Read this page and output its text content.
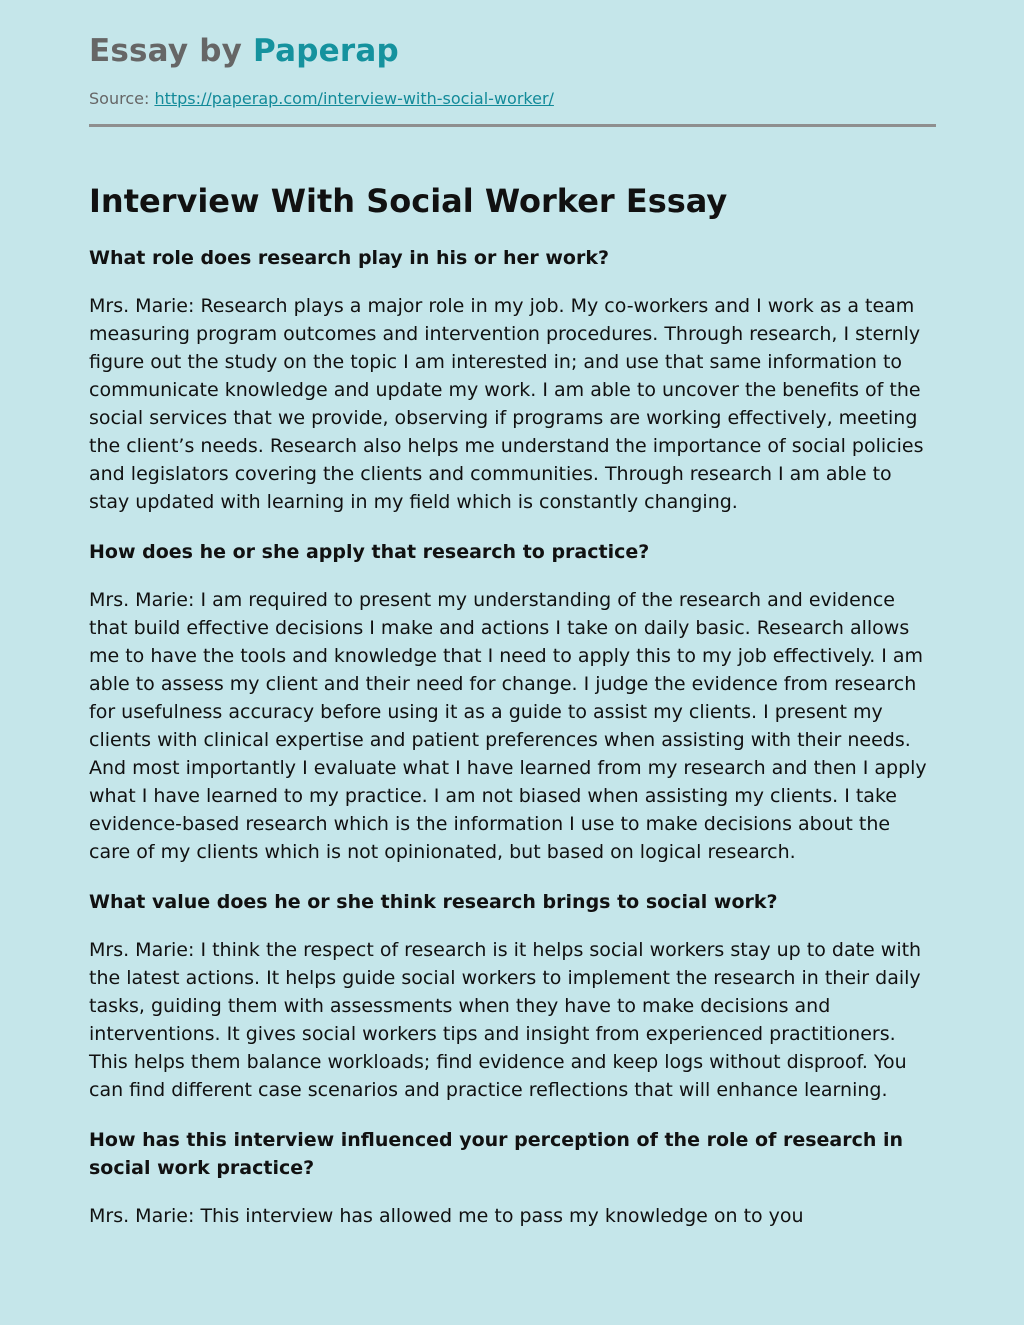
Essay by Paperap
Source: https://paperap.com/interview-with-social-worker/
Interview With Social Worker Essay

What role does research play in his or her work?

Mrs. Marie: Research plays a major role in my job. My co-workers and I work as a team measuring program outcomes and intervention procedures. Through research, I sternly figure out the study on the topic I am interested in; and use that same information to communicate knowledge and update my work. I am able to uncover the benefits of the social services that we provide, observing if programs are working effectively, meeting the client’s needs. Research also helps me understand the importance of social policies and legislators covering the clients and communities. Through research I am able to stay updated with learning in my field which is constantly changing.

How does he or she apply that research to practice?

Mrs. Marie: I am required to present my understanding of the research and evidence that build effective decisions I make and actions I take on daily basic. Research allows me to have the tools and knowledge that I need to apply this to my job effectively. I am able to assess my client and their need for change. I judge the evidence from research for usefulness accuracy before using it as a guide to assist my clients. I present my clients with clinical expertise and patient preferences when assisting with their needs. And most importantly I evaluate what I have learned from my research and then I apply what I have learned to my practice. I am not biased when assisting my clients. I take evidence-based research which is the information I use to make decisions about the care of my clients which is not opinionated, but based on logical research.

What value does he or she think research brings to social work?

Mrs. Marie: I think the respect of research is it helps social workers stay up to date with the latest actions. It helps guide social workers to implement the research in their daily tasks, guiding them with assessments when they have to make decisions and interventions. It gives social workers tips and insight from experienced practitioners. This helps them balance workloads; find evidence and keep logs without disproof. You can find different case scenarios and practice reflections that will enhance learning.

How has this interview influenced your perception of the role of research in social work practice?

Mrs. Marie: This interview has allowed me to pass my knowledge on to you
